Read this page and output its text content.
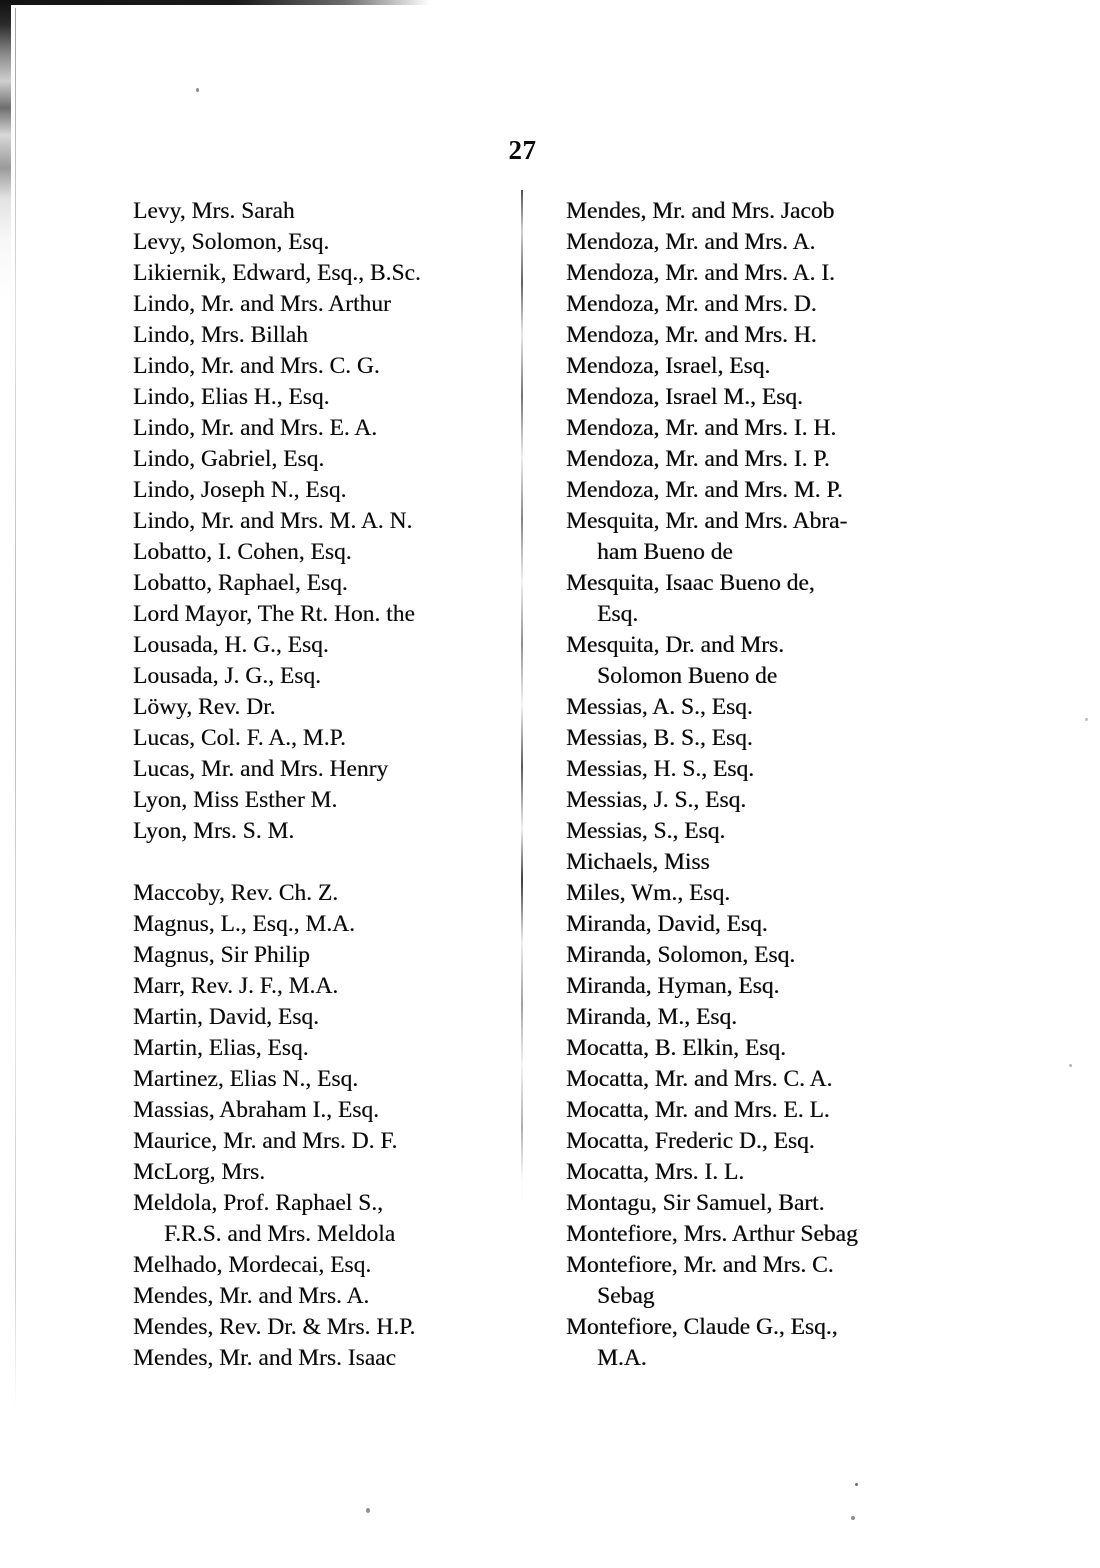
27
Levy, Mrs. Sarah
Levy, Solomon, Esq.
Likiernik, Edward, Esq., B.Sc.
Lindo, Mr. and Mrs. Arthur
Lindo, Mrs. Billah
Lindo, Mr. and Mrs. C. G.
Lindo, Elias H., Esq.
Lindo, Mr. and Mrs. E. A.
Lindo, Gabriel, Esq.
Lindo, Joseph N., Esq.
Lindo, Mr. and Mrs. M. A. N.
Lobatto, I. Cohen, Esq.
Lobatto, Raphael, Esq.
Lord Mayor, The Rt. Hon. the
Lousada, H. G., Esq.
Lousada, J. G., Esq.
Löwy, Rev. Dr.
Lucas, Col. F. A., M.P.
Lucas, Mr. and Mrs. Henry
Lyon, Miss Esther M.
Lyon, Mrs. S. M.
Maccoby, Rev. Ch. Z.
Magnus, L., Esq., M.A.
Magnus, Sir Philip
Marr, Rev. J. F., M.A.
Martin, David, Esq.
Martin, Elias, Esq.
Martinez, Elias N., Esq.
Massias, Abraham I., Esq.
Maurice, Mr. and Mrs. D. F.
McLorg, Mrs.
Meldola, Prof. Raphael S.,
F.R.S. and Mrs. Meldola
Melhado, Mordecai, Esq.
Mendes, Mr. and Mrs. A.
Mendes, Rev. Dr. & Mrs. H.P.
Mendes, Mr. and Mrs. Isaac
Mendes, Mr. and Mrs. Jacob
Mendoza, Mr. and Mrs. A.
Mendoza, Mr. and Mrs. A. I.
Mendoza, Mr. and Mrs. D.
Mendoza, Mr. and Mrs. H.
Mendoza, Israel, Esq.
Mendoza, Israel M., Esq.
Mendoza, Mr. and Mrs. I. H.
Mendoza, Mr. and Mrs. I. P.
Mendoza, Mr. and Mrs. M. P.
Mesquita, Mr. and Mrs. Abra-
ham Bueno de
Mesquita, Isaac Bueno de,
Esq.
Mesquita, Dr. and Mrs.
Solomon Bueno de
Messias, A. S., Esq.
Messias, B. S., Esq.
Messias, H. S., Esq.
Messias, J. S., Esq.
Messias, S., Esq.
Michaels, Miss
Miles, Wm., Esq.
Miranda, David, Esq.
Miranda, Solomon, Esq.
Miranda, Hyman, Esq.
Miranda, M., Esq.
Mocatta, B. Elkin, Esq.
Mocatta, Mr. and Mrs. C. A.
Mocatta, Mr. and Mrs. E. L.
Mocatta, Frederic D., Esq.
Mocatta, Mrs. I. L.
Montagu, Sir Samuel, Bart.
Montefiore, Mrs. Arthur Sebag
Montefiore, Mr. and Mrs. C.
Sebag
Montefiore, Claude G., Esq.,
M.A.
